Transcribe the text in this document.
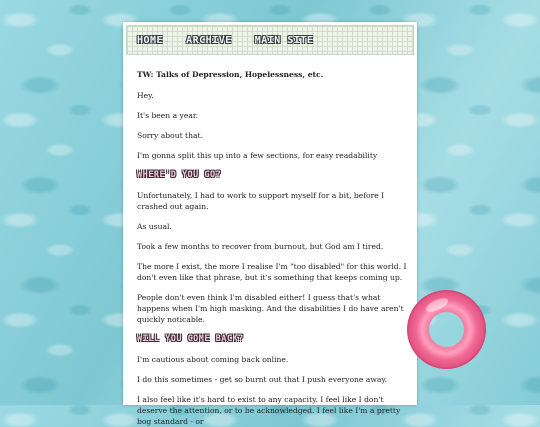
HOME ARCHIVE MAIN SITE

TW: Talks of Depression, Hopelessness, etc.

Hey.

It's been a year.

Sorry about that.

I'm gonna split this up into a few sections, for easy readability

WHERE'D YOU GO?

Unfortunately, I had to work to support myself for a bit, before I crashed out again.

As usual.

Took a few months to recover from burnout, but God am I tired.

The more I exist, the more I realise I'm "too disabled" for this world. I don't even like that phrase, but it's something that keeps coming up.

People don't even think I'm disabled either! I guess that's what happens when I'm high masking. And the disabilities I do have aren't quickly noticable.

WILL YOU COME BACK?

I'm cautious about coming back online.

I do this sometimes - get so burnt out that I push everyone away.

I also feel like it's hard to exist to any capacity. I feel like I don't deserve the attention, or to be acknowledged. I feel like I'm a pretty bog standard - or
